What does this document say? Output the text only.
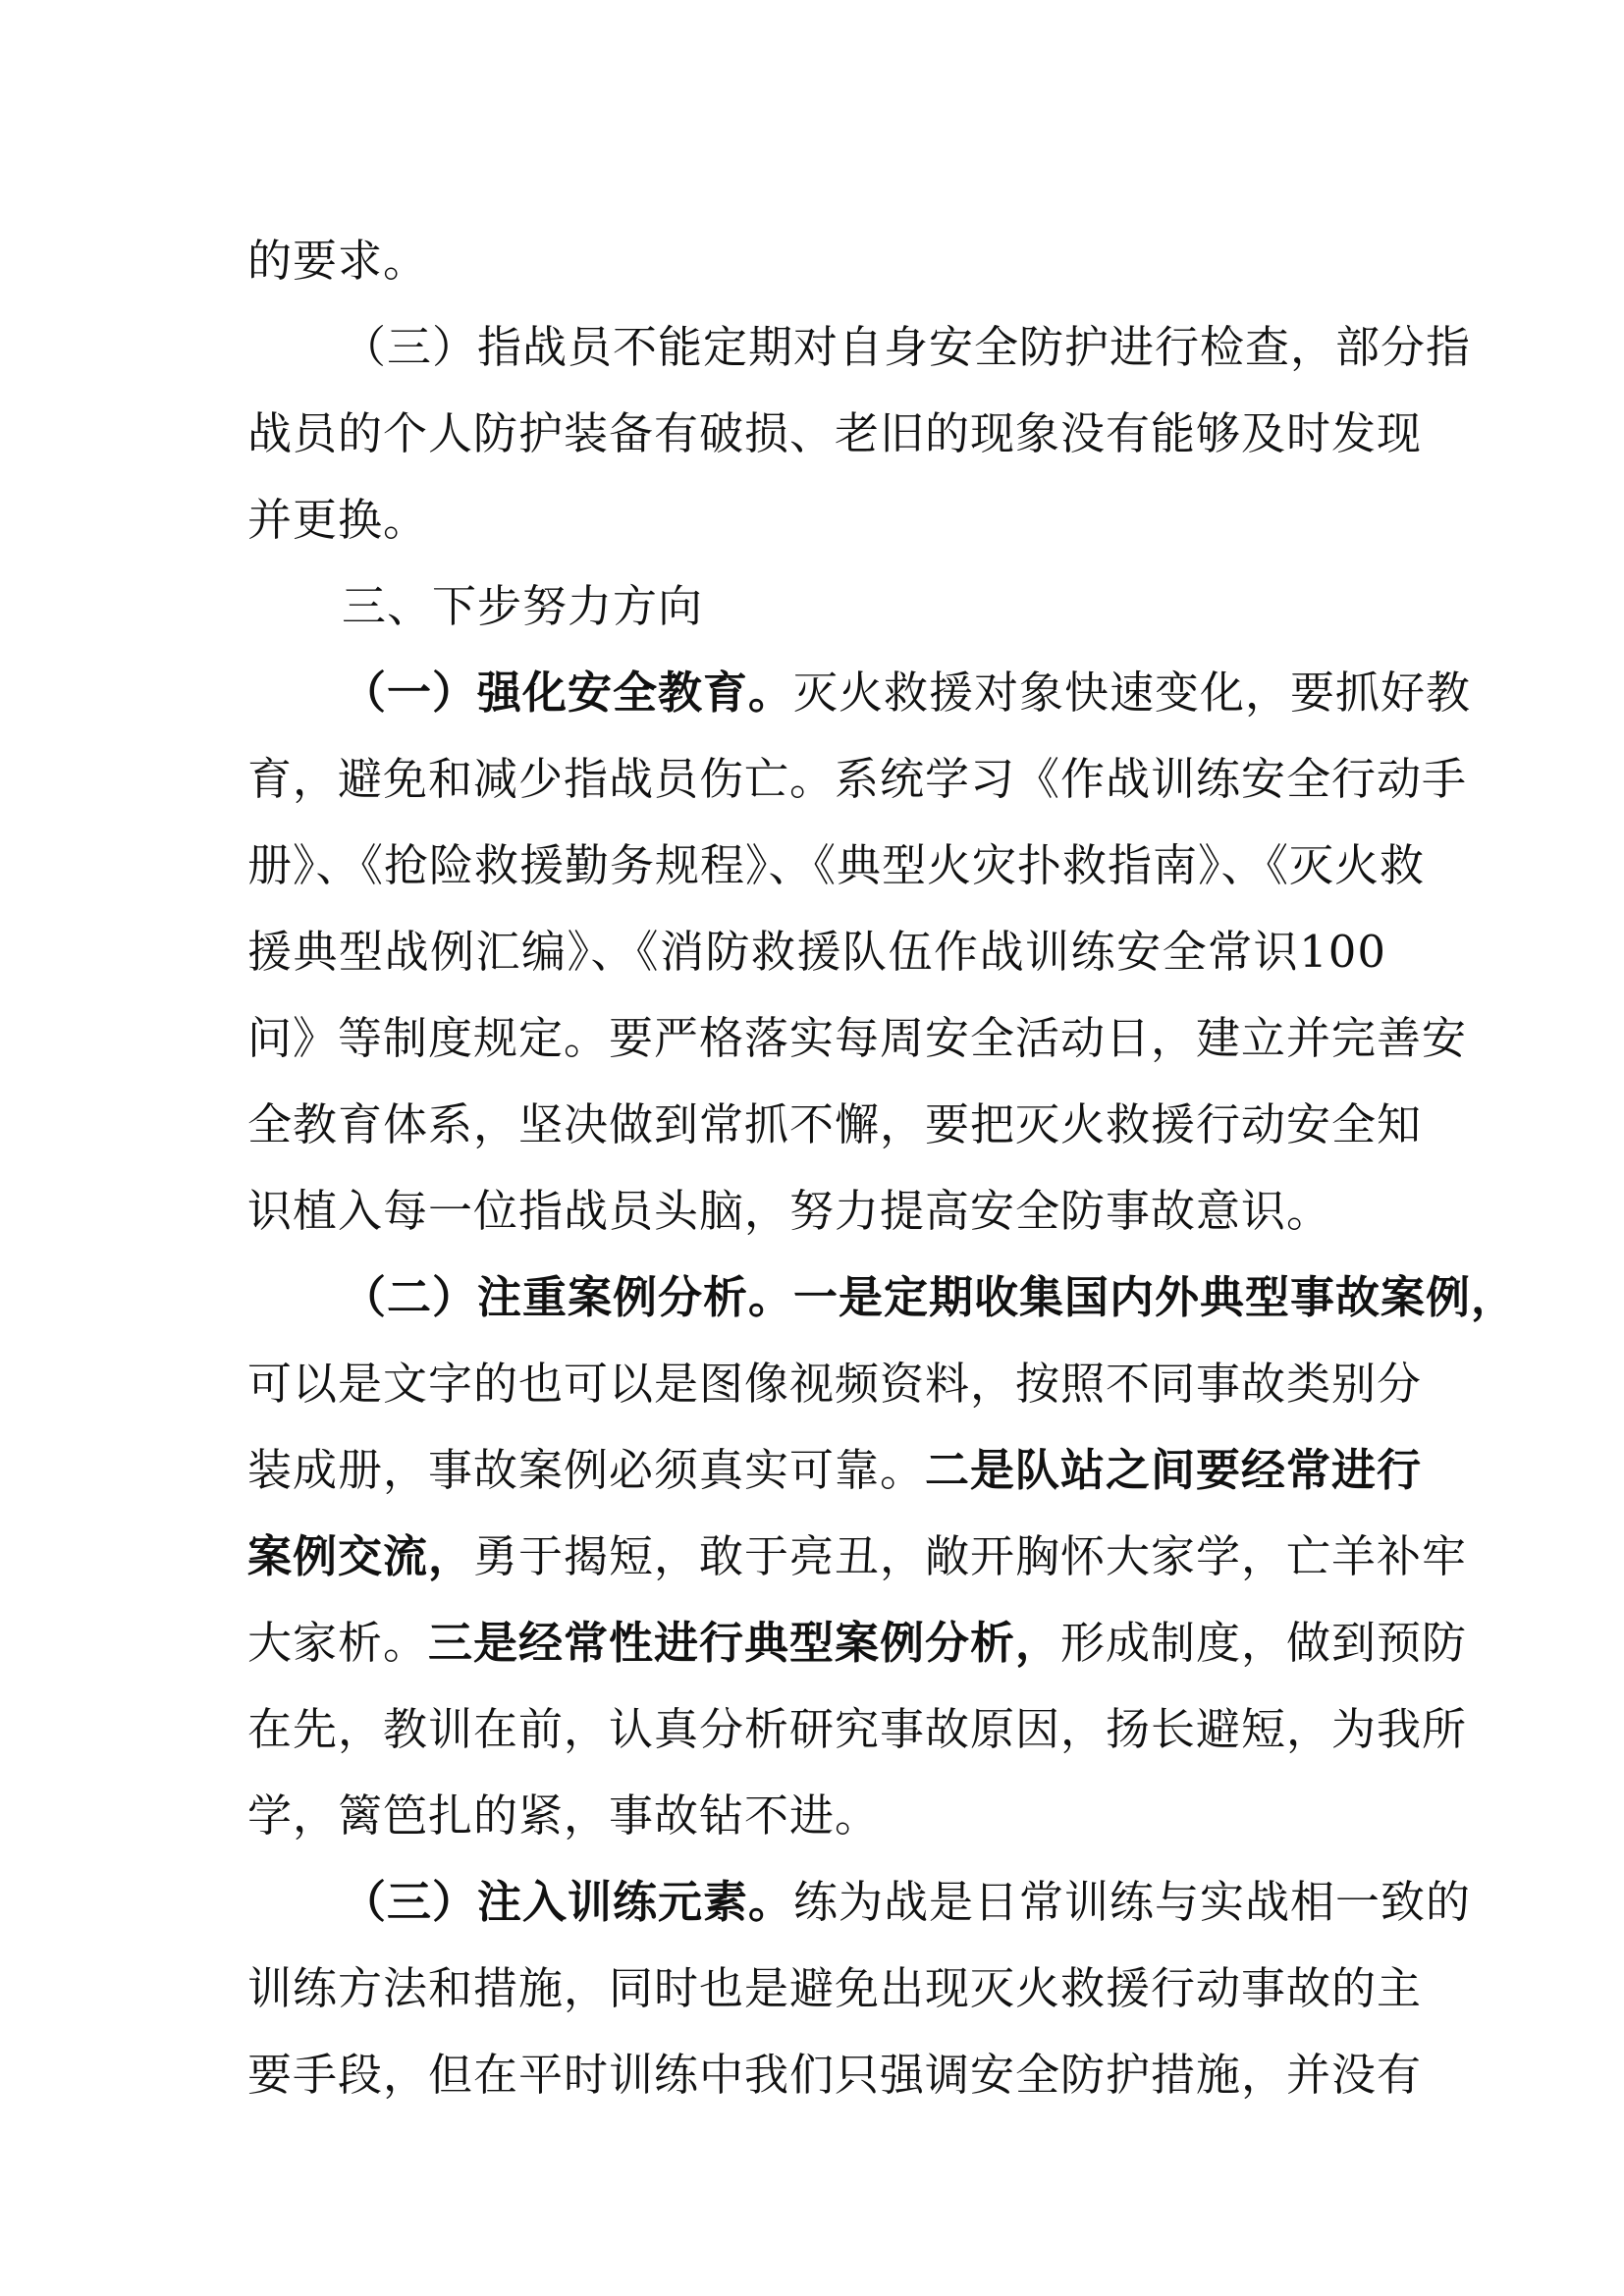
的要求。

（三）指战员不能定期对自身安全防护进行检查，部分指

战员的个人防护装备有破损、老旧的现象没有能够及时发现

并更换。

三、下步努力方向

（一）强化安全教育。灭火救援对象快速变化，要抓好教

育，避免和减少指战员伤亡。系统学习《作战训练安全行动手

册》、《抢险救援勤务规程》、《典型火灾扑救指南》、《灭火救

援典型战例汇编》、《消防救援队伍作战训练安全常识100

问》等制度规定。要严格落实每周安全活动日，建立并完善安

全教育体系，坚决做到常抓不懈，要把灭火救援行动安全知

识植入每一位指战员头脑，努力提高安全防事故意识。

（二）注重案例分析。一是定期收集国内外典型事故案例，

可以是文字的也可以是图像视频资料，按照不同事故类别分

装成册，事故案例必须真实可靠。二是队站之间要经常进行

案例交流，勇于揭短，敢于亮丑，敞开胸怀大家学，亡羊补牢

大家析。三是经常性进行典型案例分析，形成制度，做到预防

在先，教训在前，认真分析研究事故原因，扬长避短，为我所

学，篱笆扎的紧，事故钻不进。

（三）注入训练元素。练为战是日常训练与实战相一致的

训练方法和措施，同时也是避免出现灭火救援行动事故的主

要手段，但在平时训练中我们只强调安全防护措施，并没有
